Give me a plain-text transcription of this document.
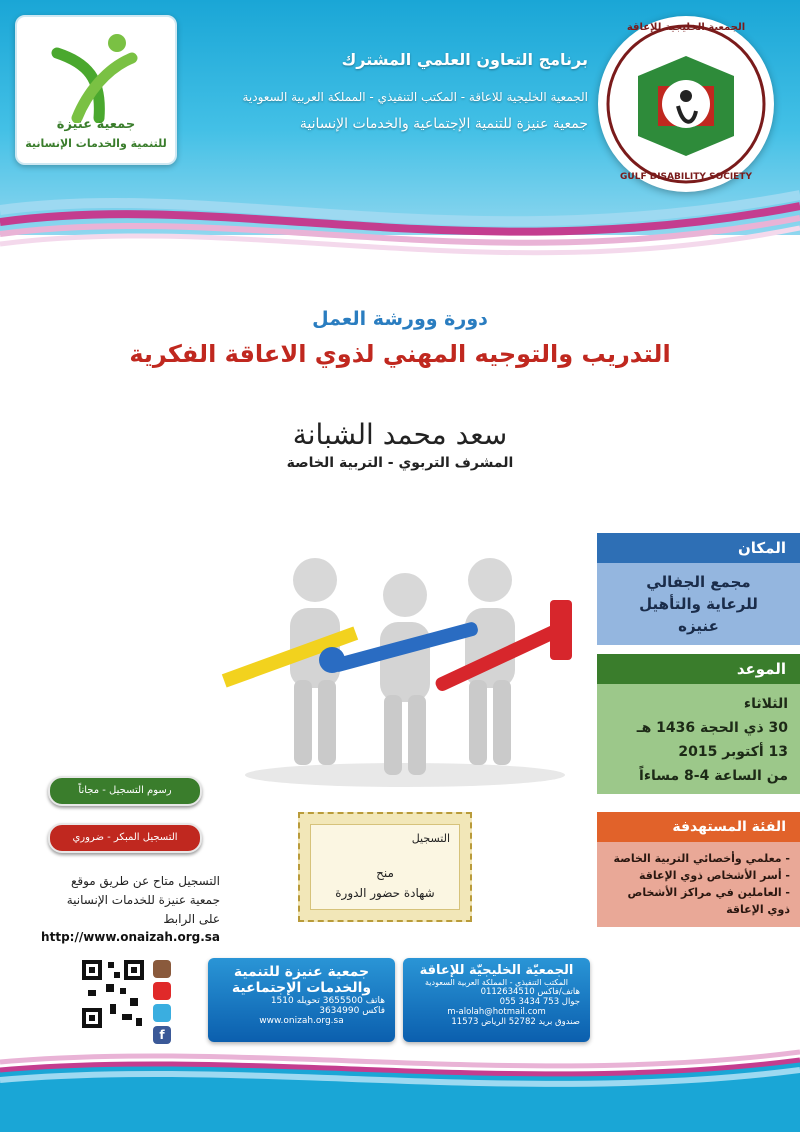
جمعية عنيزة
للتنمية والخدمات الإنسانية
الجمعية الخليجية للإعاقة
GULF DISABILITY SOCIETY
برنامج التعاون العلمي المشترك
الجمعية الخليجية للاعاقة - المكتب التنفيذي - المملكة العربية السعودية
جمعية عنيزة للتنمية الإجتماعية والخدمات الإنسانية
دورة وورشة العمل
التدريب والتوجيه المهني لذوي الاعاقة الفكرية
سعد محمد الشبانة
المشرف التربوي - التربية الخاصة
المكان
مجمع الجفالي
للرعاية والتأهيل
عنيزه
الموعد
الثلاثاء
30 ذي الحجة 1436 هـ
13 أكتوبر 2015
من الساعة 4-8 مساءاً
الفئة المستهدفة
- معلمي وأخصائي التربية الخاصة
- أسر الأشخاص ذوي الإعاقة
- العاملين في مراكز الأشخاص ذوي الإعاقة
رسوم التسجيل - مجاناً
التسجيل المبكر - ضروري
التسجيل متاح عن طريق موقع
جمعية عنيزة للخدمات الإنسانية
على الرابط
http://www.onaizah.org.sa
التسجيل
منح
شهادة حضور الدورة
f
جمعية عنيزة للتنمية
والخدمات الإجتماعية
هاتف 3655500 تحويله 1510
فاكس 3634990
www.onizah.org.sa
الجمعيّة الخليجيّة للإعاقة
المكتب التنفيذي - المملكة العربية السعودية
هاتف/فاكس 0112634510
جوال 753 3434 055
m-alolah@hotmail.com
صندوق بريد 52782 الرياض 11573
